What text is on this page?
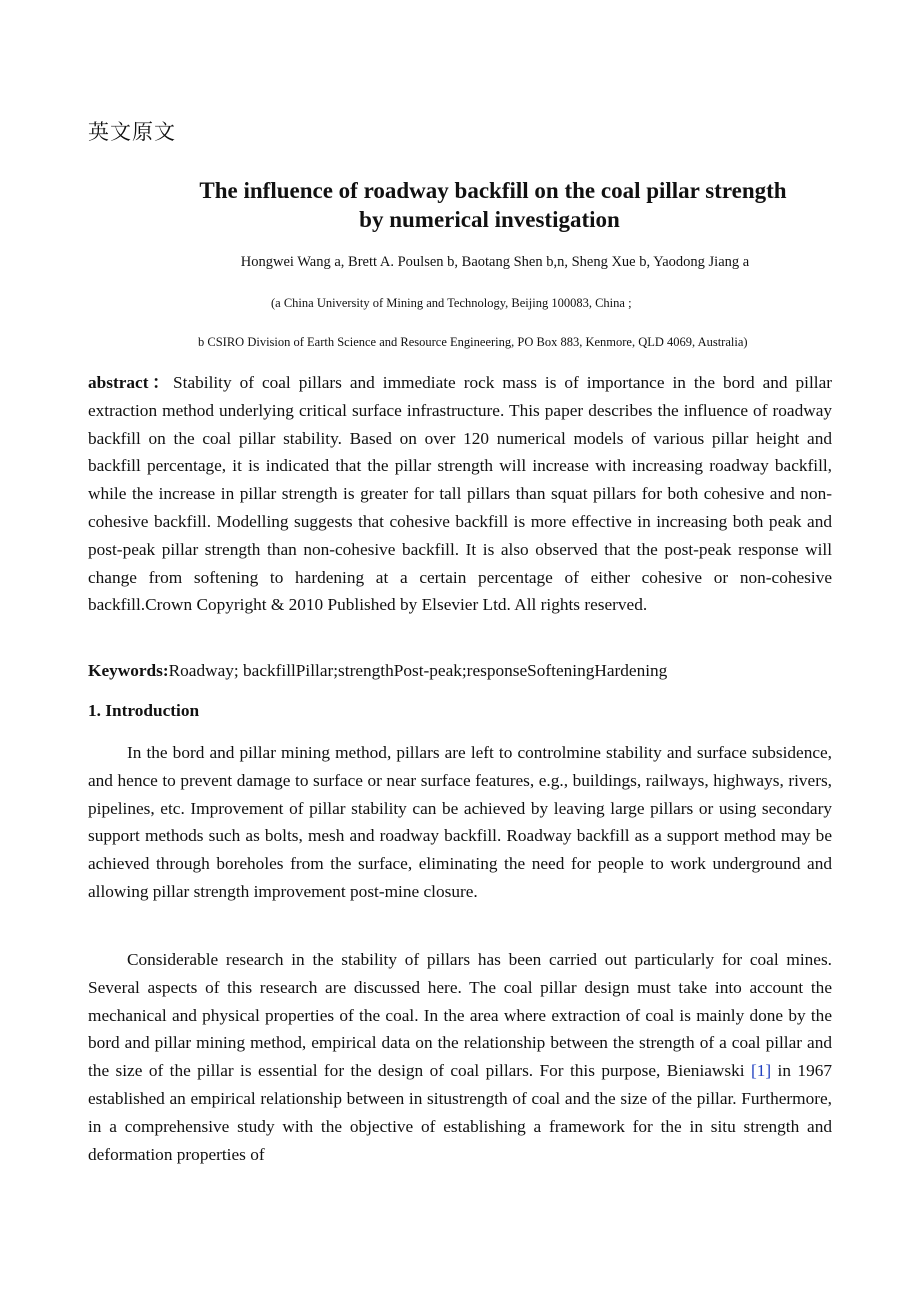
英文原文
The influence of roadway backfill on the coal pillar strength
by numerical investigation
Hongwei Wang a, Brett A. Poulsen b, Baotang Shen b,n, Sheng Xue b, Yaodong Jiang a
(a China University of Mining and Technology, Beijing 100083, China ;
b CSIRO Division of Earth Science and Resource Engineering, PO Box 883, Kenmore, QLD 4069, Australia)
abstract：Stability of coal pillars and immediate rock mass is of importance in the bord and pillar extraction method underlying critical surface infrastructure. This paper describes the influence of roadway backfill on the coal pillar stability. Based on over 120 numerical models of various pillar height and backfill percentage, it is indicated that the pillar strength will increase with increasing roadway backfill, while the increase in pillar strength is greater for tall pillars than squat pillars for both cohesive and non-cohesive backfill. Modelling suggests that cohesive backfill is more effective in increasing both peak and post-peak pillar strength than non-cohesive backfill. It is also observed that the post-peak response will change from softening to hardening at a certain percentage of either cohesive or non-cohesive backfill.Crown Copyright & 2010 Published by Elsevier Ltd. All rights reserved.
Keywords:Roadway; backfillPillar;strengthPost-peak;responseSofteningHardening
1. Introduction
In the bord and pillar mining method, pillars are left to controlmine stability and surface subsidence, and hence to prevent damage to surface or near surface features, e.g., buildings, railways, highways, rivers, pipelines, etc. Improvement of pillar stability can be achieved by leaving large pillars or using secondary support methods such as bolts, mesh and roadway backfill. Roadway backfill as a support method may be achieved through boreholes from the surface, eliminating the need for people to work underground and allowing pillar strength improvement post-mine closure.
Considerable research in the stability of pillars has been carried out particularly for coal mines. Several aspects of this research are discussed here. The coal pillar design must take into account the mechanical and physical properties of the coal. In the area where extraction of coal is mainly done by the bord and pillar mining method, empirical data on the relationship between the strength of a coal pillar and the size of the pillar is essential for the design of coal pillars. For this purpose, Bieniawski [1] in 1967 established an empirical relationship between in situstrength of coal and the size of the pillar. Furthermore, in a comprehensive study with the objective of establishing a framework for the in situ strength and deformation properties of
